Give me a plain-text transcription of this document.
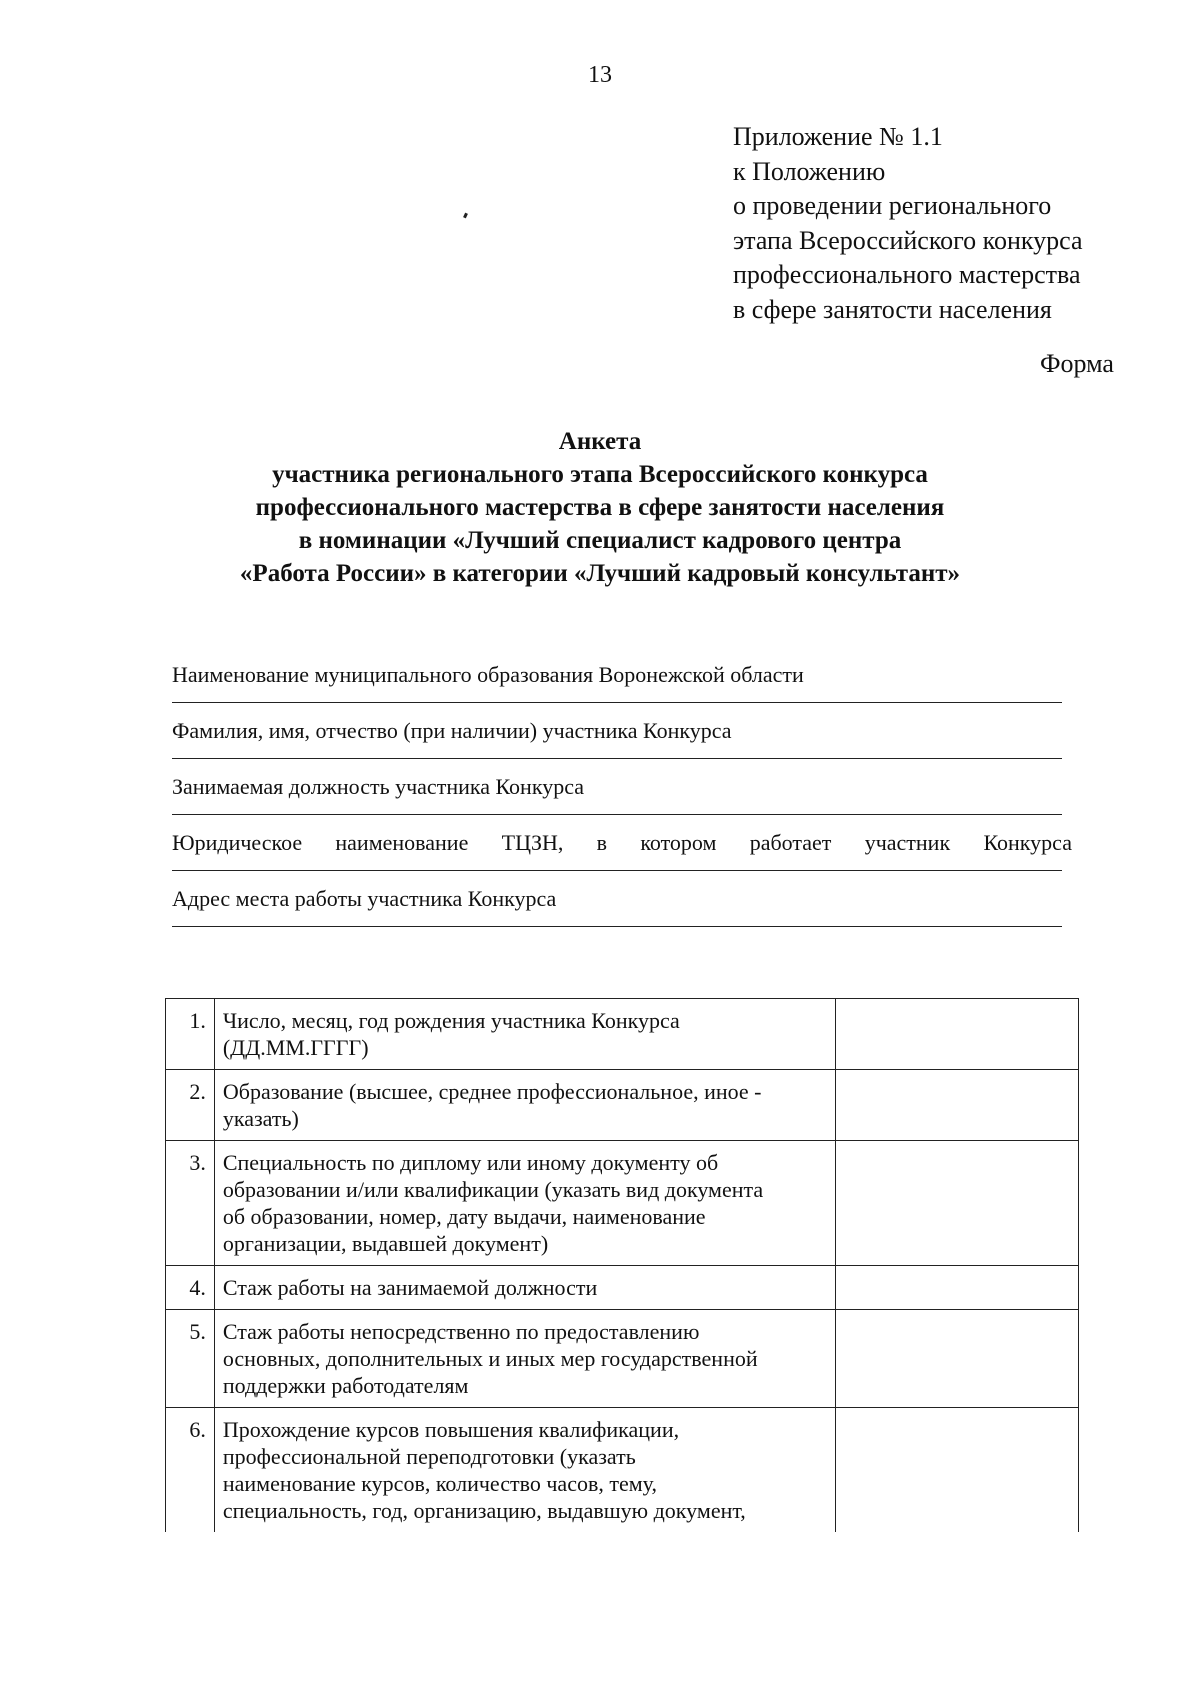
13
Приложение № 1.1
к Положению
о проведении регионального
этапа Всероссийского конкурса
профессионального мастерства
в сфере занятости населения
Форма
Анкета
участника регионального этапа Всероссийского конкурса
профессионального мастерства в сфере занятости населения
в номинации «Лучший специалист кадрового центра
«Работа России» в категории «Лучший кадровый консультант»
Наименование муниципального образования Воронежской области
Фамилия, имя, отчество (при наличии) участника Конкурса
Занимаемая должность участника Конкурса
Юридическое наименование ТЦЗН, в котором работает участник Конкурса
Адрес места работы участника Конкурса
1.	Число, месяц, год рождения участника Конкурса
(ДД.ММ.ГГГГ)	

2.	Образование (высшее, среднее профессиональное, иное -
указать)	

3.	Специальность по диплому или иному документу об
образовании и/или квалификации (указать вид документа
об образовании, номер, дату выдачи, наименование
организации, выдавшей документ)	

4.	Стаж работы на занимаемой должности	

5.	Стаж работы непосредственно по предоставлению
основных, дополнительных и иных мер государственной
поддержки работодателям	

6.	Прохождение курсов повышения квалификации,
профессиональной переподготовки (указать
наименование курсов, количество часов, тему,
специальность, год, организацию, выдавшую документ,	
